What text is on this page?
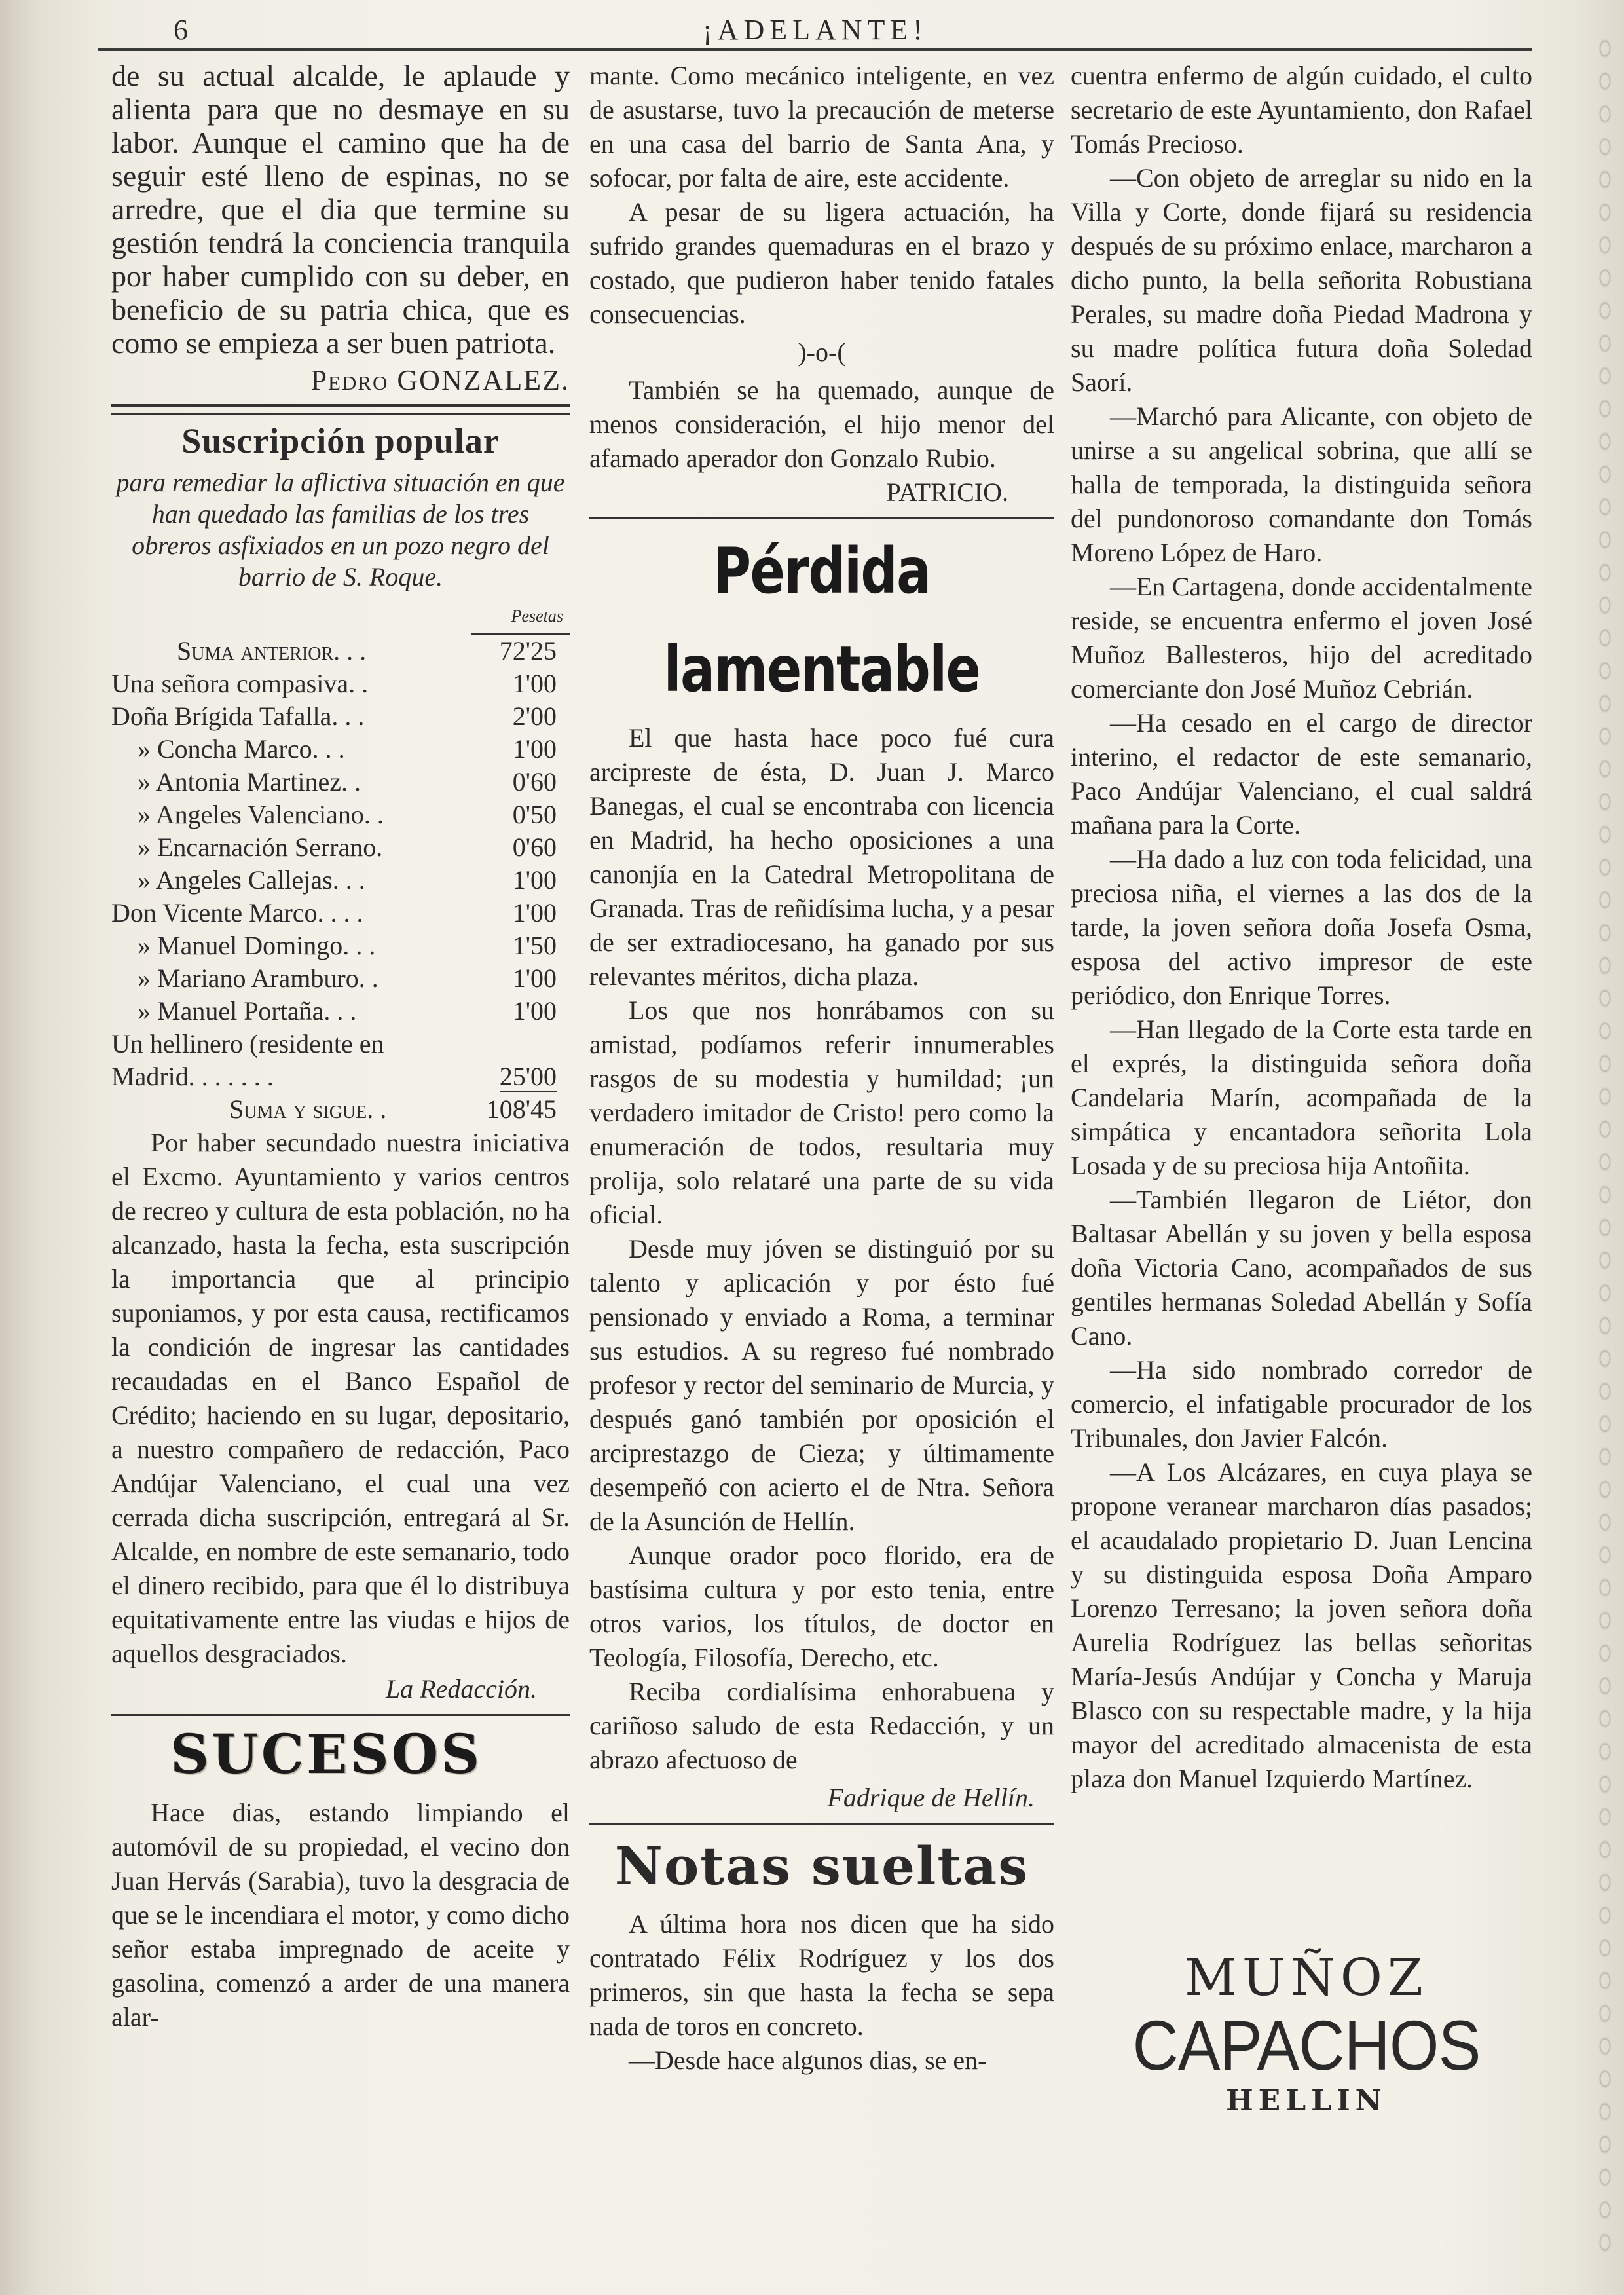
6	¡ADELANTE!

de su actual alcalde, le aplaude y alienta para que no desmaye en su labor. Aunque el camino que ha de seguir esté lleno de espinas, no se arredre, que el dia que termine su gestión tendrá la conciencia tranquila por haber cumplido con su deber, en beneficio de su patria chica, que es como se empieza a ser buen patriota.

Pedro GONZALEZ.
Suscripción popular
para remediar la aflictiva situación en que han quedado las familias de los tres obreros asfixiados en un pozo negro del barrio de S. Roque.
Pesetas
Suma anterior. . .	72'25
Una señora compasiva. .	1'00
Doña Brígida Tafalla. . .	2'00
» Concha Marco. . .	1'00
» Antonia Martinez. .	0'60
» Angeles Valenciano. .	0'50
» Encarnación Serrano.	0'60
» Angeles Callejas. . .	1'00
Don Vicente Marco. . . .	1'00
» Manuel Domingo. . .	1'50
» Mariano Aramburo. .	1'00
» Manuel Portaña. . .	1'00
Un hellinero (residente en Madrid. . . . . . .	25'00
Suma y sigue. .	108'45

Por haber secundado nuestra iniciativa el Excmo. Ayuntamiento y varios centros de recreo y cultura de esta población, no ha alcanzado, hasta la fecha, esta suscripción la importancia que al principio suponiamos, y por esta causa, rectificamos la condición de ingresar las cantidades recaudadas en el Banco Español de Crédito; haciendo en su lugar, depositario, a nuestro compañero de redacción, Paco Andújar Valenciano, el cual una vez cerrada dicha suscripción, entregará al Sr. Alcalde, en nombre de este semanario, todo el dinero recibido, para que él lo distribuya equitativamente entre las viudas e hijos de aquellos desgraciados.

La Redacción.
SUCESOS

Hace dias, estando limpiando el automóvil de su propiedad, el vecino don Juan Hervás (Sarabia), tuvo la desgracia de que se le incendiara el motor, y como dicho señor estaba impregnado de aceite y gasolina, comenzó a arder de una manera alar-

mante. Como mecánico inteligente, en vez de asustarse, tuvo la precaución de meterse en una casa del barrio de Santa Ana, y sofocar, por falta de aire, este accidente.

A pesar de su ligera actuación, ha sufrido grandes quemaduras en el brazo y costado, que pudieron haber tenido fatales consecuencias.

)-o-(

También se ha quemado, aunque de menos consideración, el hijo menor del afamado aperador don Gonzalo Rubio.

PATRICIO.
Pérdida lamentable

El que hasta hace poco fué cura arcipreste de ésta, D. Juan J. Marco Banegas, el cual se encontraba con licencia en Madrid, ha hecho oposiciones a una canonjía en la Catedral Metropolitana de Granada. Tras de reñidísima lucha, y a pesar de ser extradiocesano, ha ganado por sus relevantes méritos, dicha plaza.

Los que nos honrábamos con su amistad, podíamos referir innumerables rasgos de su modestia y humildad; ¡un verdadero imitador de Cristo! pero como la enumeración de todos, resultaria muy prolija, solo relataré una parte de su vida oficial.

Desde muy jóven se distinguió por su talento y aplicación y por ésto fué pensionado y enviado a Roma, a terminar sus estudios. A su regreso fué nombrado profesor y rector del seminario de Murcia, y después ganó también por oposición el arciprestazgo de Cieza; y últimamente desempeñó con acierto el de Ntra. Señora de la Asunción de Hellín.

Aunque orador poco florido, era de bastísima cultura y por esto tenia, entre otros varios, los títulos, de doctor en Teología, Filosofía, Derecho, etc.

Reciba cordialísima enhorabuena y cariñoso saludo de esta Redacción, y un abrazo afectuoso de

Fadrique de Hellín.
Notas sueltas

A última hora nos dicen que ha sido contratado Félix Rodríguez y los dos primeros, sin que hasta la fecha se sepa nada de toros en concreto.

—Desde hace algunos dias, se en-

cuentra enfermo de algún cuidado, el culto secretario de este Ayuntamiento, don Rafael Tomás Precioso.

—Con objeto de arreglar su nido en la Villa y Corte, donde fijará su residencia después de su próximo enlace, marcharon a dicho punto, la bella señorita Robustiana Perales, su madre doña Piedad Madrona y su madre política futura doña Soledad Saorí.

—Marchó para Alicante, con objeto de unirse a su angelical sobrina, que allí se halla de temporada, la distinguida señora del pundonoroso comandante don Tomás Moreno López de Haro.

—En Cartagena, donde accidentalmente reside, se encuentra enfermo el joven José Muñoz Ballesteros, hijo del acreditado comerciante don José Muñoz Cebrián.

—Ha cesado en el cargo de director interino, el redactor de este semanario, Paco Andújar Valenciano, el cual saldrá mañana para la Corte.

—Ha dado a luz con toda felicidad, una preciosa niña, el viernes a las dos de la tarde, la joven señora doña Josefa Osma, esposa del activo impresor de este periódico, don Enrique Torres.

—Han llegado de la Corte esta tarde en el exprés, la distinguida señora doña Candelaria Marín, acompañada de la simpática y encantadora señorita Lola Losada y de su preciosa hija Antoñita.

—También llegaron de Liétor, don Baltasar Abellán y su joven y bella esposa doña Victoria Cano, acompañados de sus gentiles hermanas Soledad Abellán y Sofía Cano.

—Ha sido nombrado corredor de comercio, el infatigable procurador de los Tribunales, don Javier Falcón.

—A Los Alcázares, en cuya playa se propone veranear marcharon días pasados; el acaudalado propietario D. Juan Lencina y su distinguida esposa Doña Amparo Lorenzo Terresano; la joven señora doña Aurelia Rodríguez las bellas señoritas María-Jesús Andújar y Concha y Maruja Blasco con su respectable madre, y la hija mayor del acreditado almacenista de esta plaza don Manuel Izquierdo Martínez.

MUÑOZ
CAPACHOS
HELLIN
